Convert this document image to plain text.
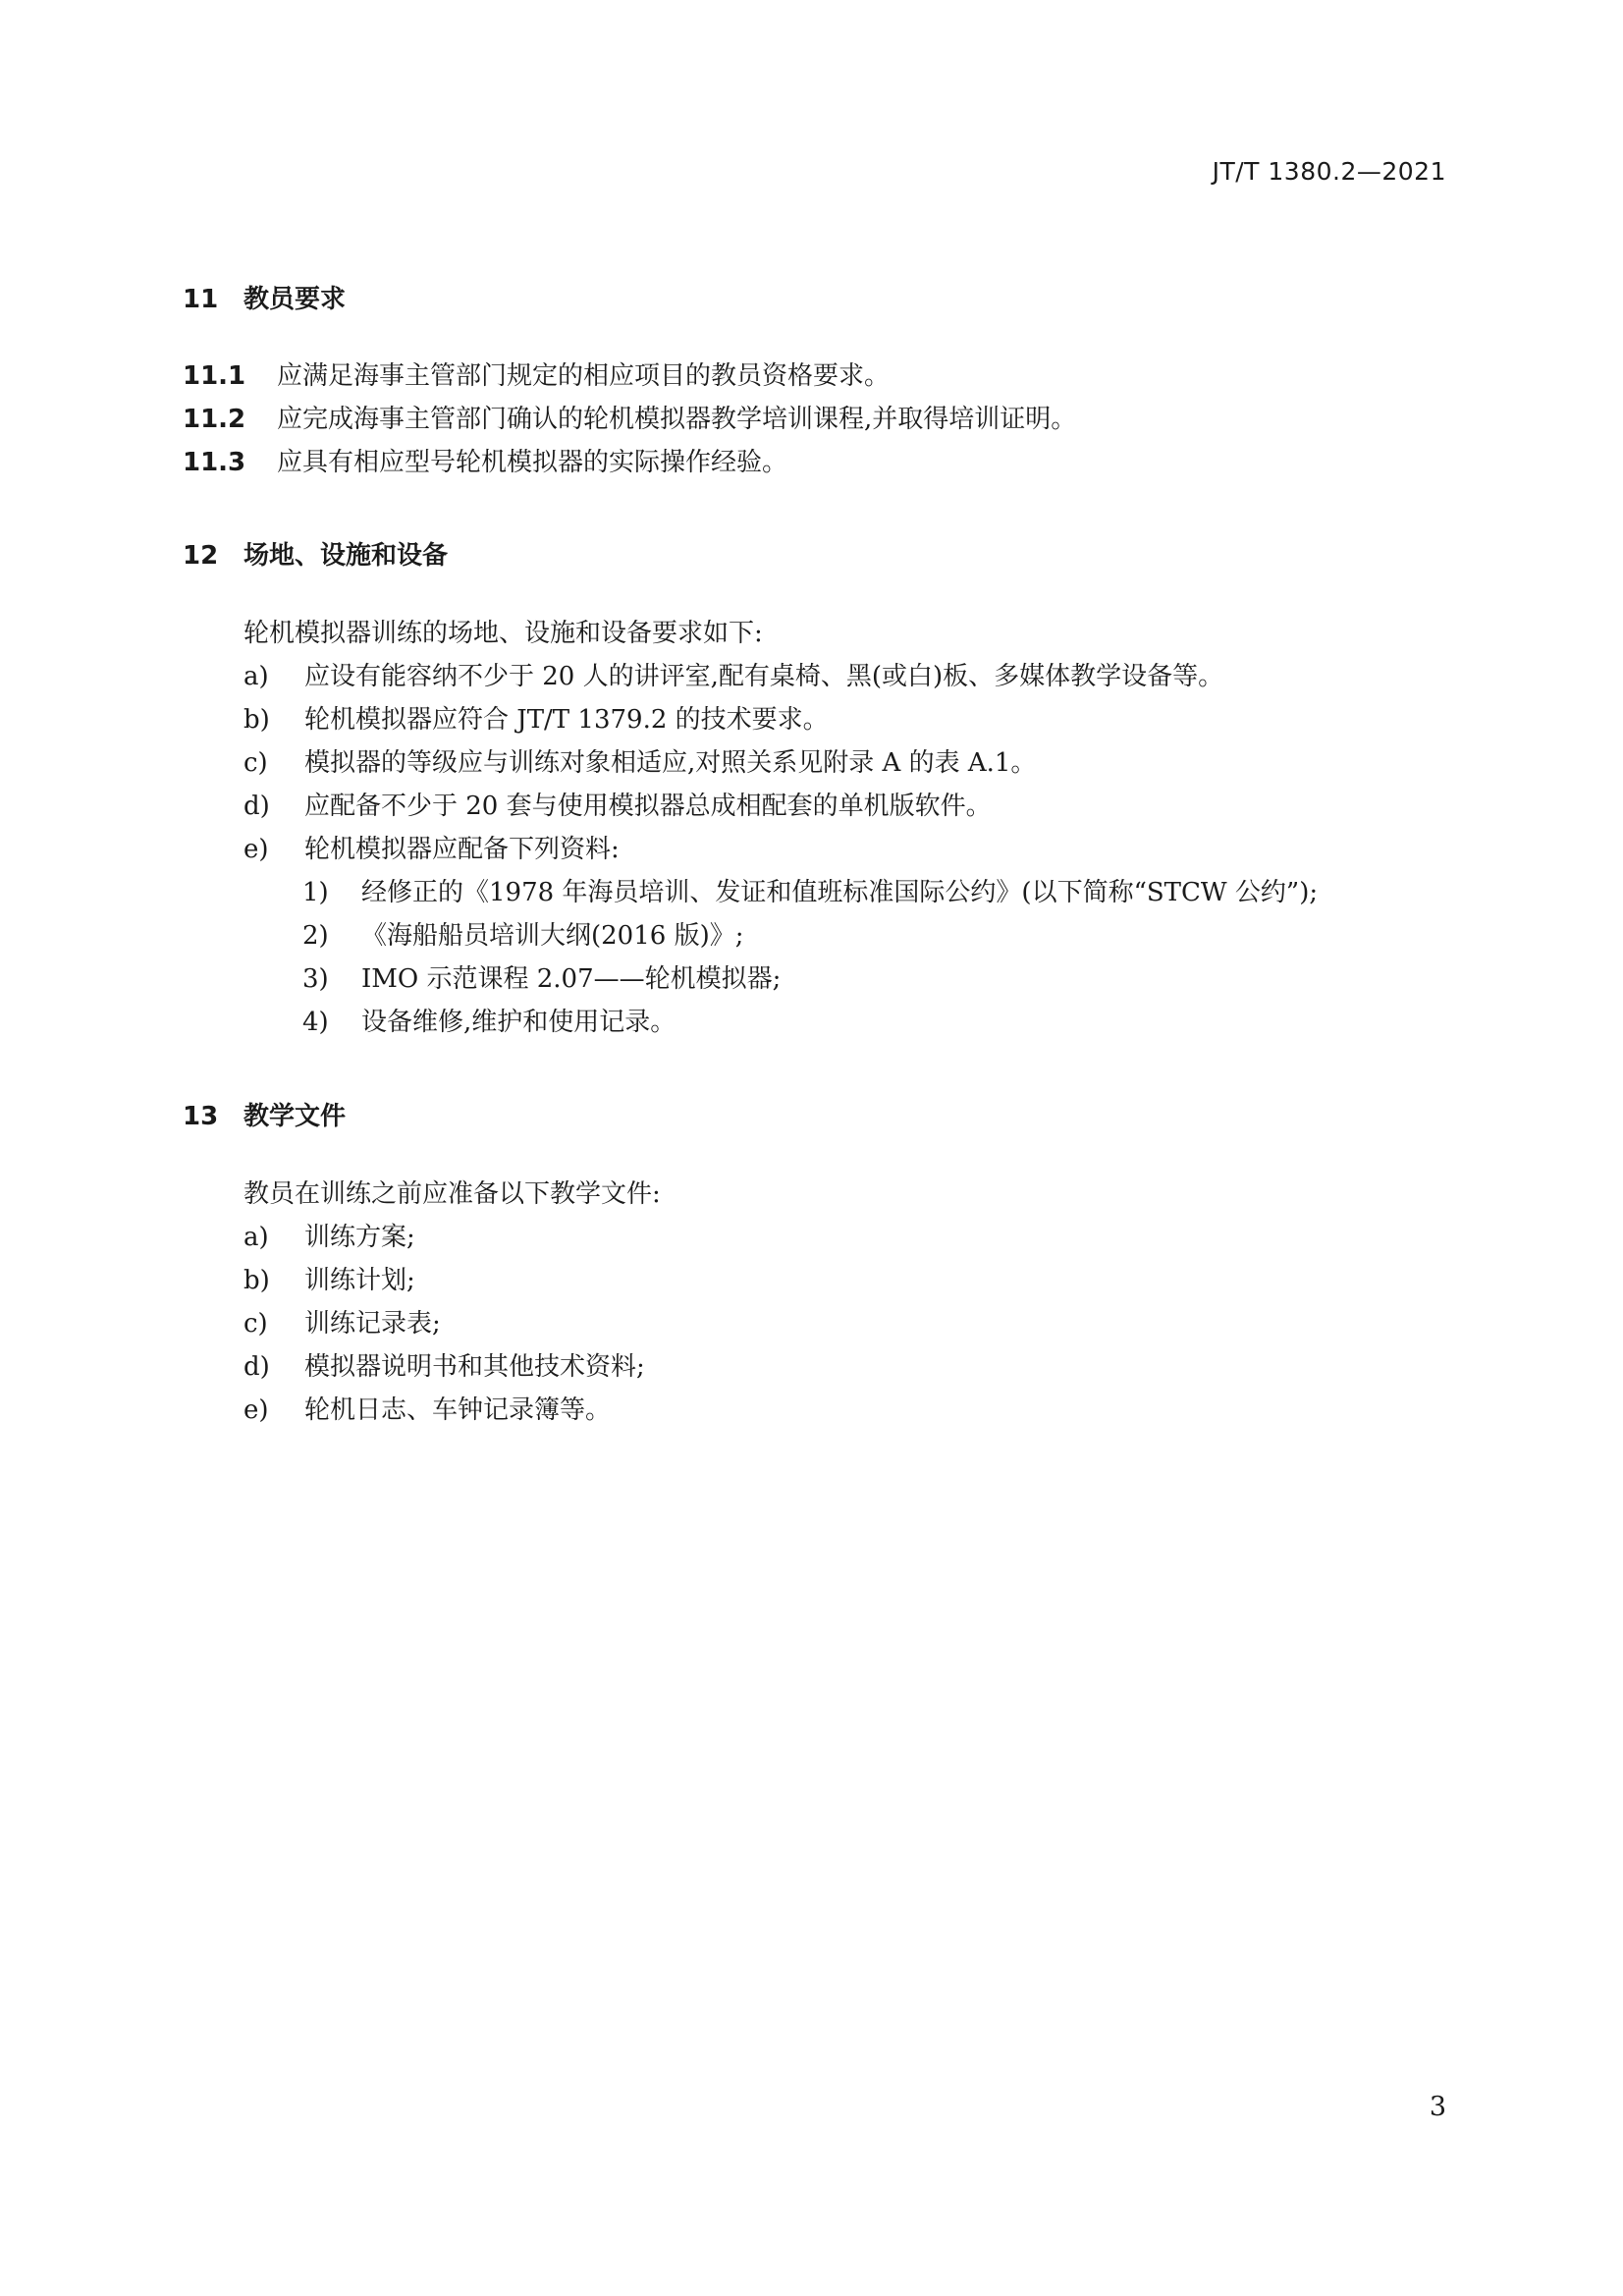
JT/T 1380.2—2021
11 教员要求
11.1 应满足海事主管部门规定的相应项目的教员资格要求。
11.2 应完成海事主管部门确认的轮机模拟器教学培训课程,并取得培训证明。
11.3 应具有相应型号轮机模拟器的实际操作经验。
12 场地、设施和设备
轮机模拟器训练的场地、设施和设备要求如下:
a) 应设有能容纳不少于 20 人的讲评室,配有桌椅、黑(或白)板、多媒体教学设备等。
b) 轮机模拟器应符合 JT/T 1379.2 的技术要求。
c) 模拟器的等级应与训练对象相适应,对照关系见附录 A 的表 A.1。
d) 应配备不少于 20 套与使用模拟器总成相配套的单机版软件。
e) 轮机模拟器应配备下列资料:
1) 经修正的《1978 年海员培训、发证和值班标准国际公约》(以下简称“STCW 公约”);
2) 《海船船员培训大纲(2016 版)》;
3) IMO 示范课程 2.07——轮机模拟器;
4) 设备维修,维护和使用记录。
13 教学文件
教员在训练之前应准备以下教学文件:
a) 训练方案;
b) 训练计划;
c) 训练记录表;
d) 模拟器说明书和其他技术资料;
e) 轮机日志、车钟记录簿等。
3
